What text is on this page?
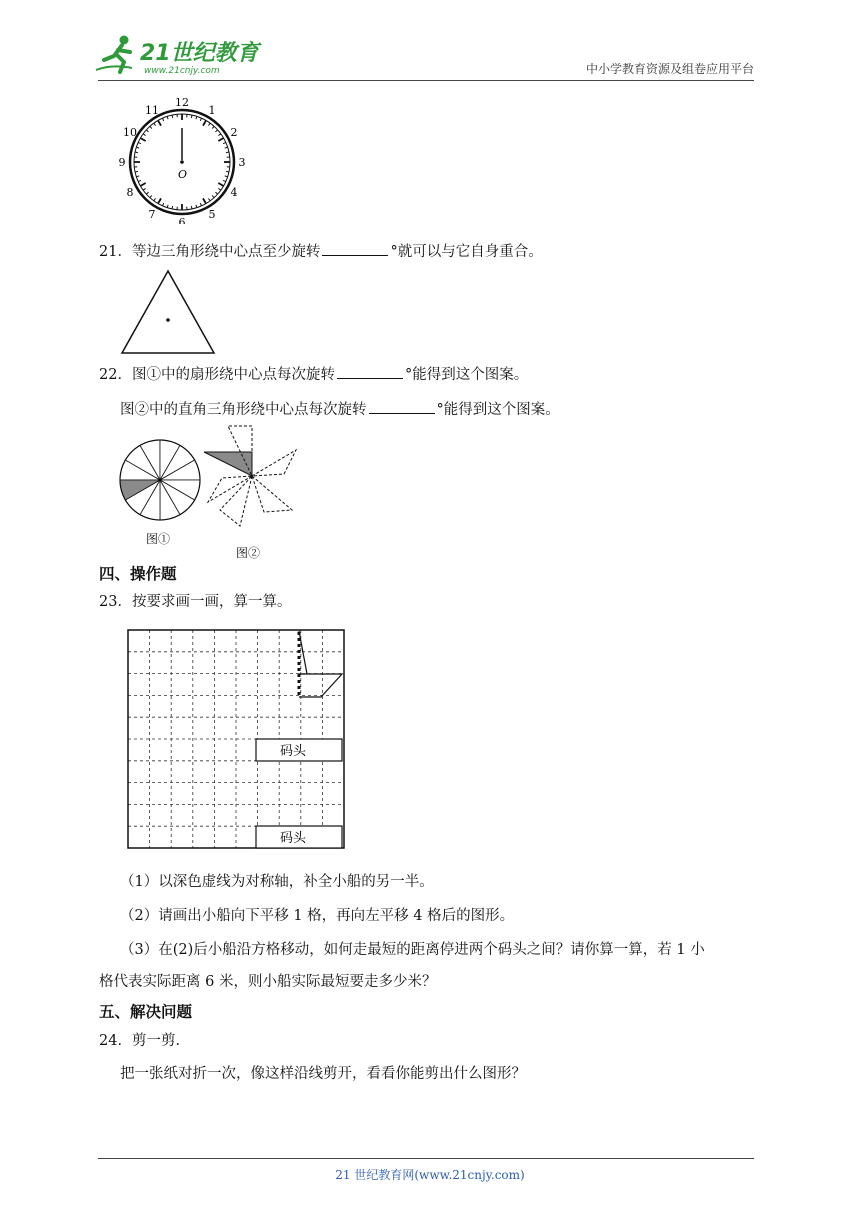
21世纪教育
www.21cnjy.com	中小学教育资源及组卷应用平台
O
12
1
2
3
4
5
6
7
8
9
10
11
21．等边三角形绕中心点至少旋转	°就可以与它自身重合。
22．图①中的扇形绕中心点每次旋转	°能得到这个图案。
图②中的直角三角形绕中心点每次旋转	°能得到这个图案。
图①
图②
四、操作题
23．按要求画一画，算一算。
码头
码头
（1）以深色虚线为对称轴，补全小船的另一半。
（2）请画出小船向下平移 1 格，再向左平移 4 格后的图形。
（3）在(2)后小船沿方格移动，如何走最短的距离停进两个码头之间？请你算一算，若 1 小
格代表实际距离 6 米，则小船实际最短要走多少米？
五、解决问题
24．剪一剪．
把一张纸对折一次，像这样沿线剪开，看看你能剪出什么图形？
21 世纪教育网(www.21cnjy.com)
